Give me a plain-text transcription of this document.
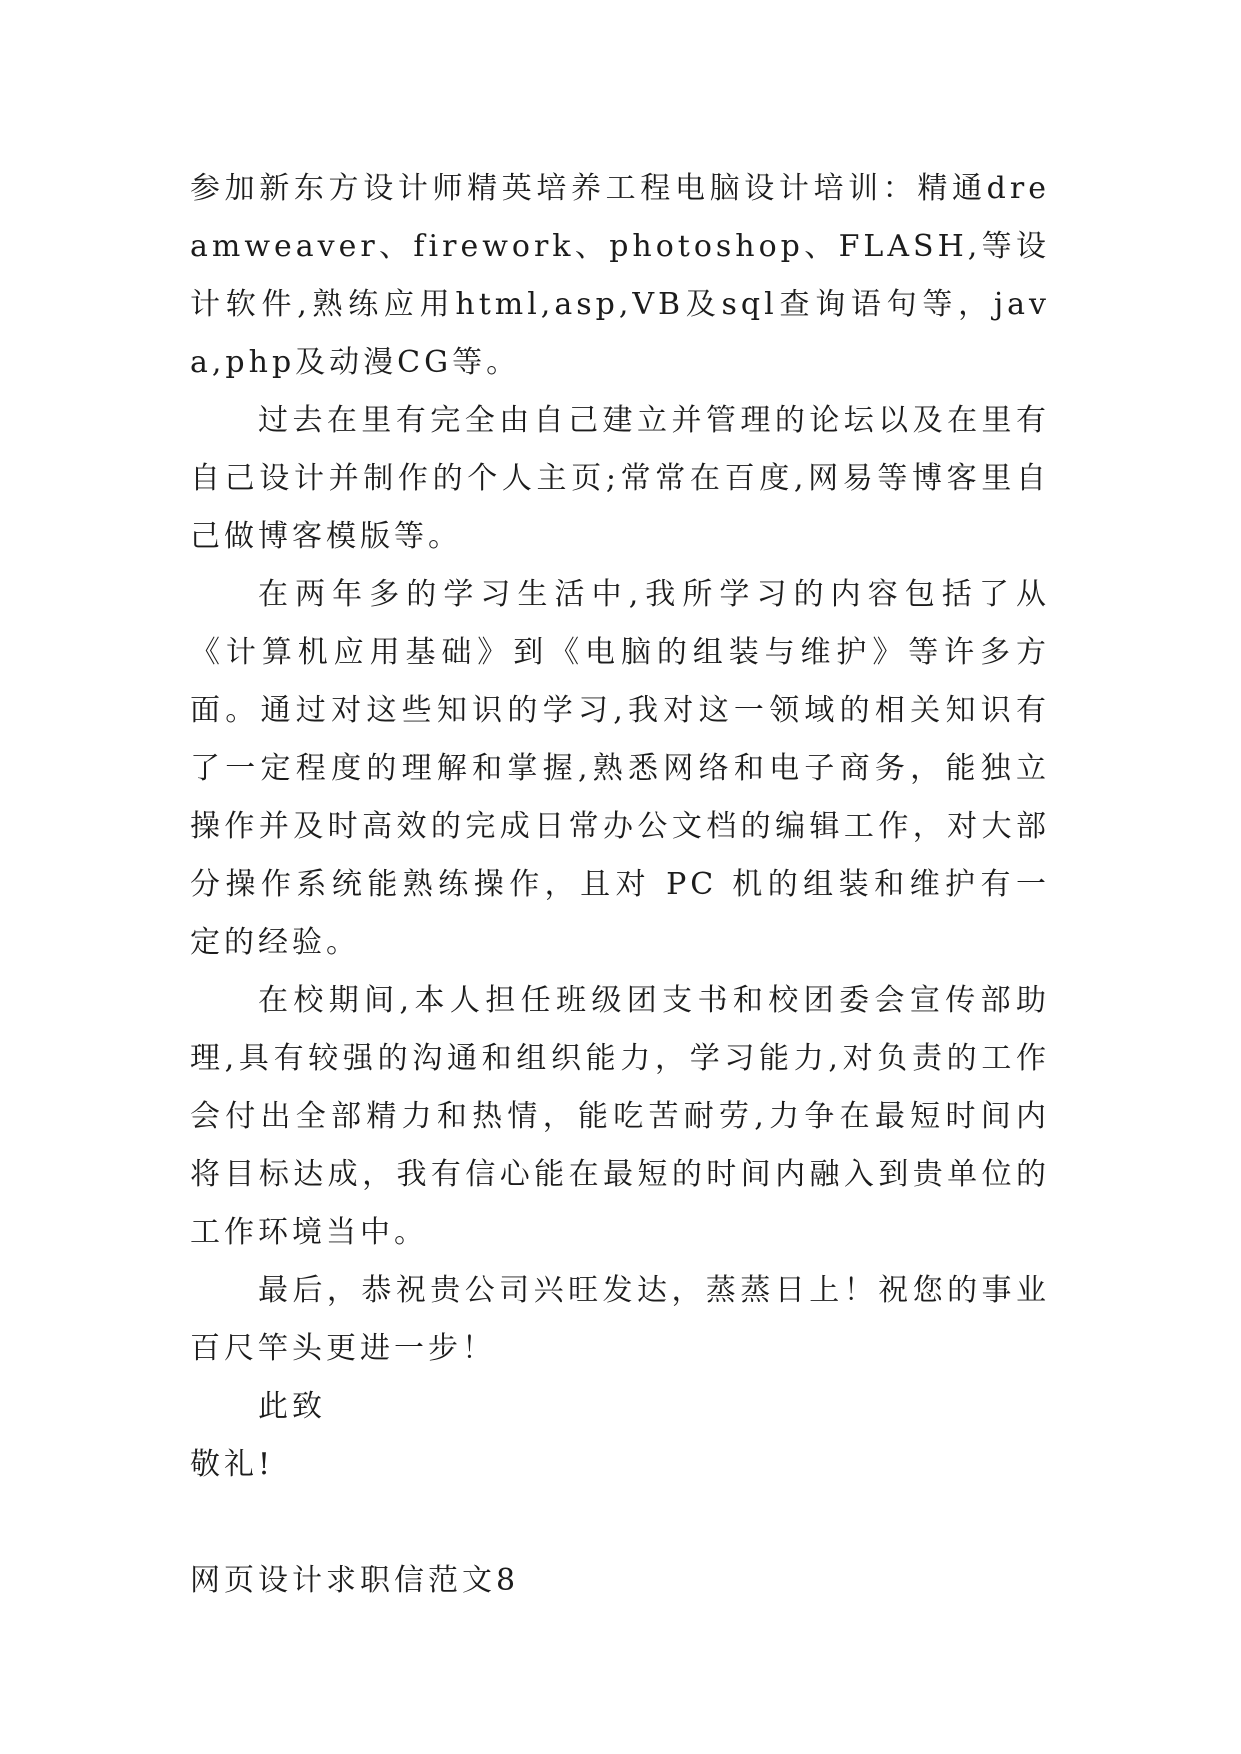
参加新东方设计师精英培养工程电脑设计培训：精通dreamweaver、firework、photoshop、FLASH,等设计软件,熟练应用html,asp,VB及sql查询语句等，java,php及动漫CG等。

过去在里有完全由自己建立并管理的论坛以及在里有自己设计并制作的个人主页;常常在百度,网易等博客里自己做博客模版等。

在两年多的学习生活中,我所学习的内容包括了从《计算机应用基础》到《电脑的组装与维护》等许多方面。通过对这些知识的学习,我对这一领域的相关知识有了一定程度的理解和掌握,熟悉网络和电子商务，能独立操作并及时高效的完成日常办公文档的编辑工作，对大部分操作系统能熟练操作，且对 PC 机的组装和维护有一定的经验。

在校期间,本人担任班级团支书和校团委会宣传部助理,具有较强的沟通和组织能力，学习能力,对负责的工作会付出全部精力和热情，能吃苦耐劳,力争在最短时间内将目标达成，我有信心能在最短的时间内融入到贵单位的工作环境当中。

最后，恭祝贵公司兴旺发达，蒸蒸日上！祝您的事业百尺竿头更进一步！

此致

敬礼!

网页设计求职信范文8
